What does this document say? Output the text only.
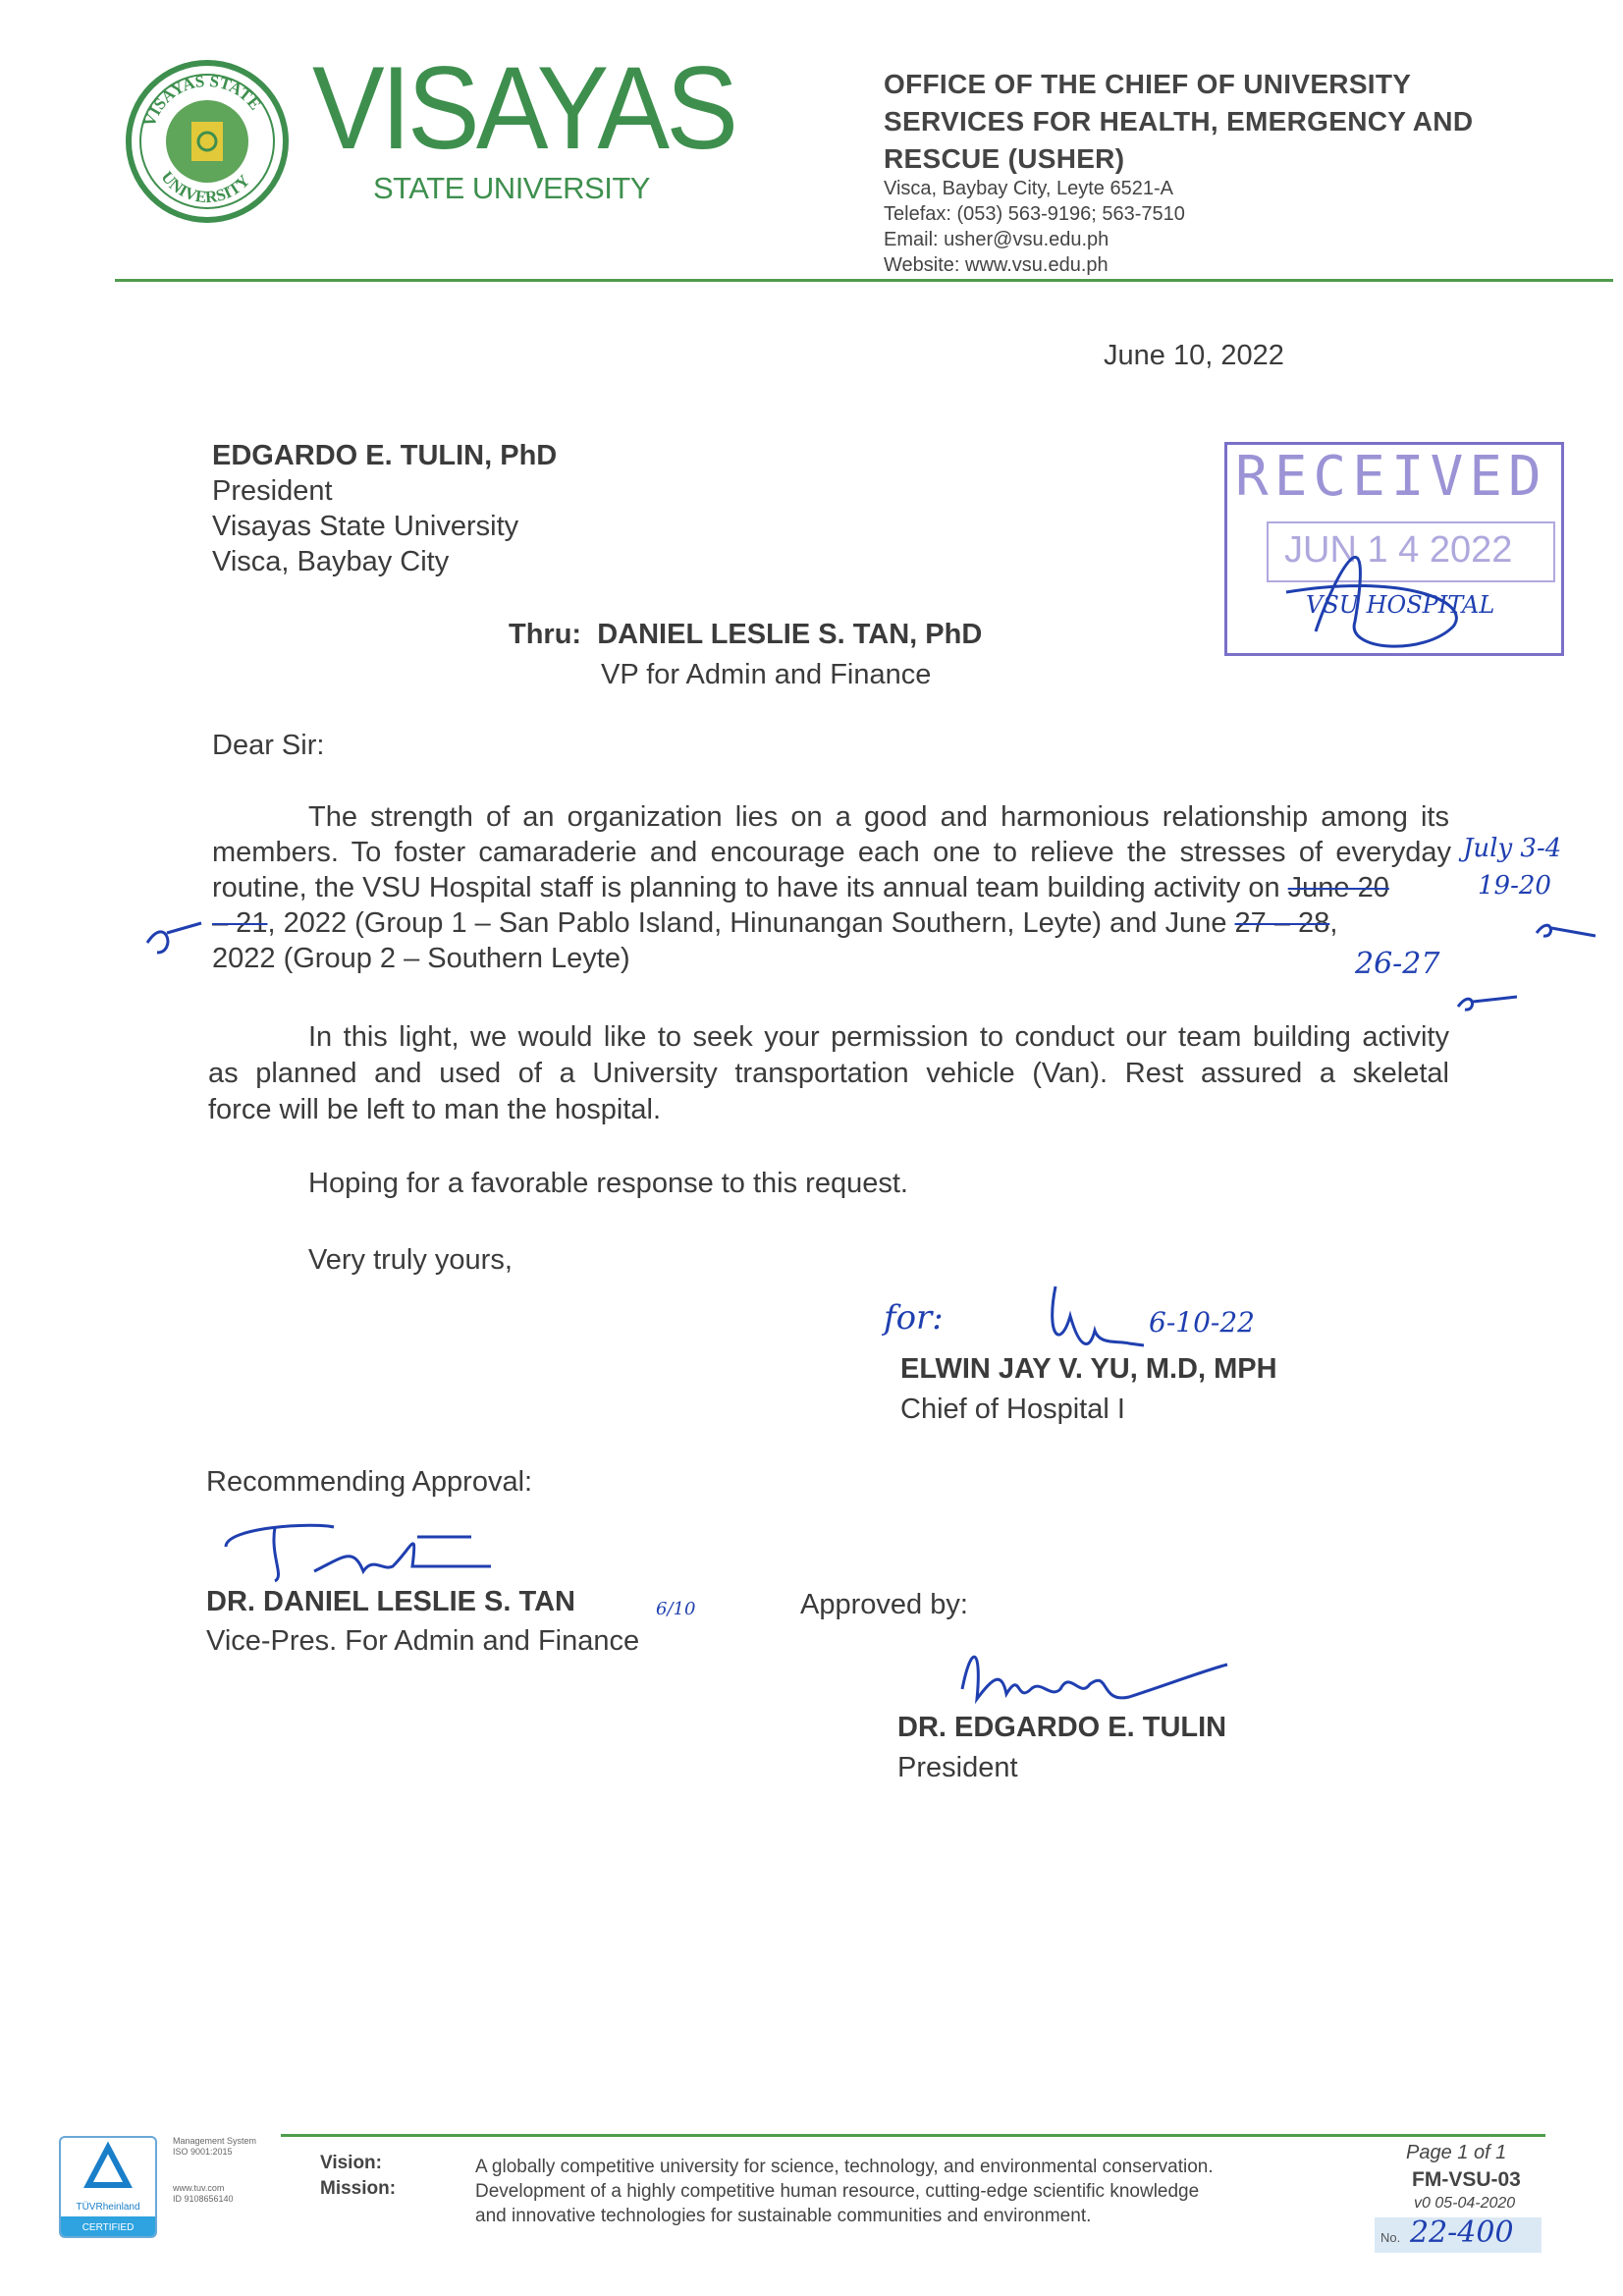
VISAYAS STATE
UNIVERSITY
VISAYAS
STATE UNIVERSITY
OFFICE OF THE CHIEF OF UNIVERSITY
SERVICES FOR HEALTH, EMERGENCY AND
RESCUE (USHER)
Visca, Baybay City, Leyte 6521-A
Telefax: (053) 563-9196; 563-7510
Email: usher@vsu.edu.ph
Website: www.vsu.edu.ph
June 10, 2022
EDGARDO E. TULIN, PhD
President
Visayas State University
Visca, Baybay City
RECEIVED
JUN 1 4 2022
VSU HOSPITAL
Thru: DANIEL LESLIE S. TAN, PhD
VP for Admin and Finance
Dear Sir:
The strength of an organization lies on a good and harmonious relationship among its
members. To foster camaraderie and encourage each one to relieve the stresses of everyday
routine, the VSU Hospital staff is planning to have its annual team building activity on June 20
– 21, 2022 (Group 1 – San Pablo Island, Hinunangan Southern, Leyte) and June 27 – 28,
2022 (Group 2 – Southern Leyte)
July 3-4
19-20
26-27
In this light, we would like to seek your permission to conduct our team building activity
as planned and used of a University transportation vehicle (Van). Rest assured a skeletal
force will be left to man the hospital.
Hoping for a favorable response to this request.
Very truly yours,
ELWIN JAY V. YU, M.D, MPH
Chief of Hospital I
for:	6-10-22
Recommending Approval:
DR. DANIEL LESLIE S. TAN	6/10
Vice-Pres. For Admin and Finance
Approved by:
DR. EDGARDO E. TULIN
President
TÜVRheinland
CERTIFIED
Management System
ISO 9001:2015
www.tuv.com
ID 9108656140
Vision:
Mission:
A globally competitive university for science, technology, and environmental conservation.
Development of a highly competitive human resource, cutting-edge scientific knowledge
and innovative technologies for sustainable communities and environment.
Page 1 of 1
FM-VSU-03
v0 05-04-2020
No. 22-400
